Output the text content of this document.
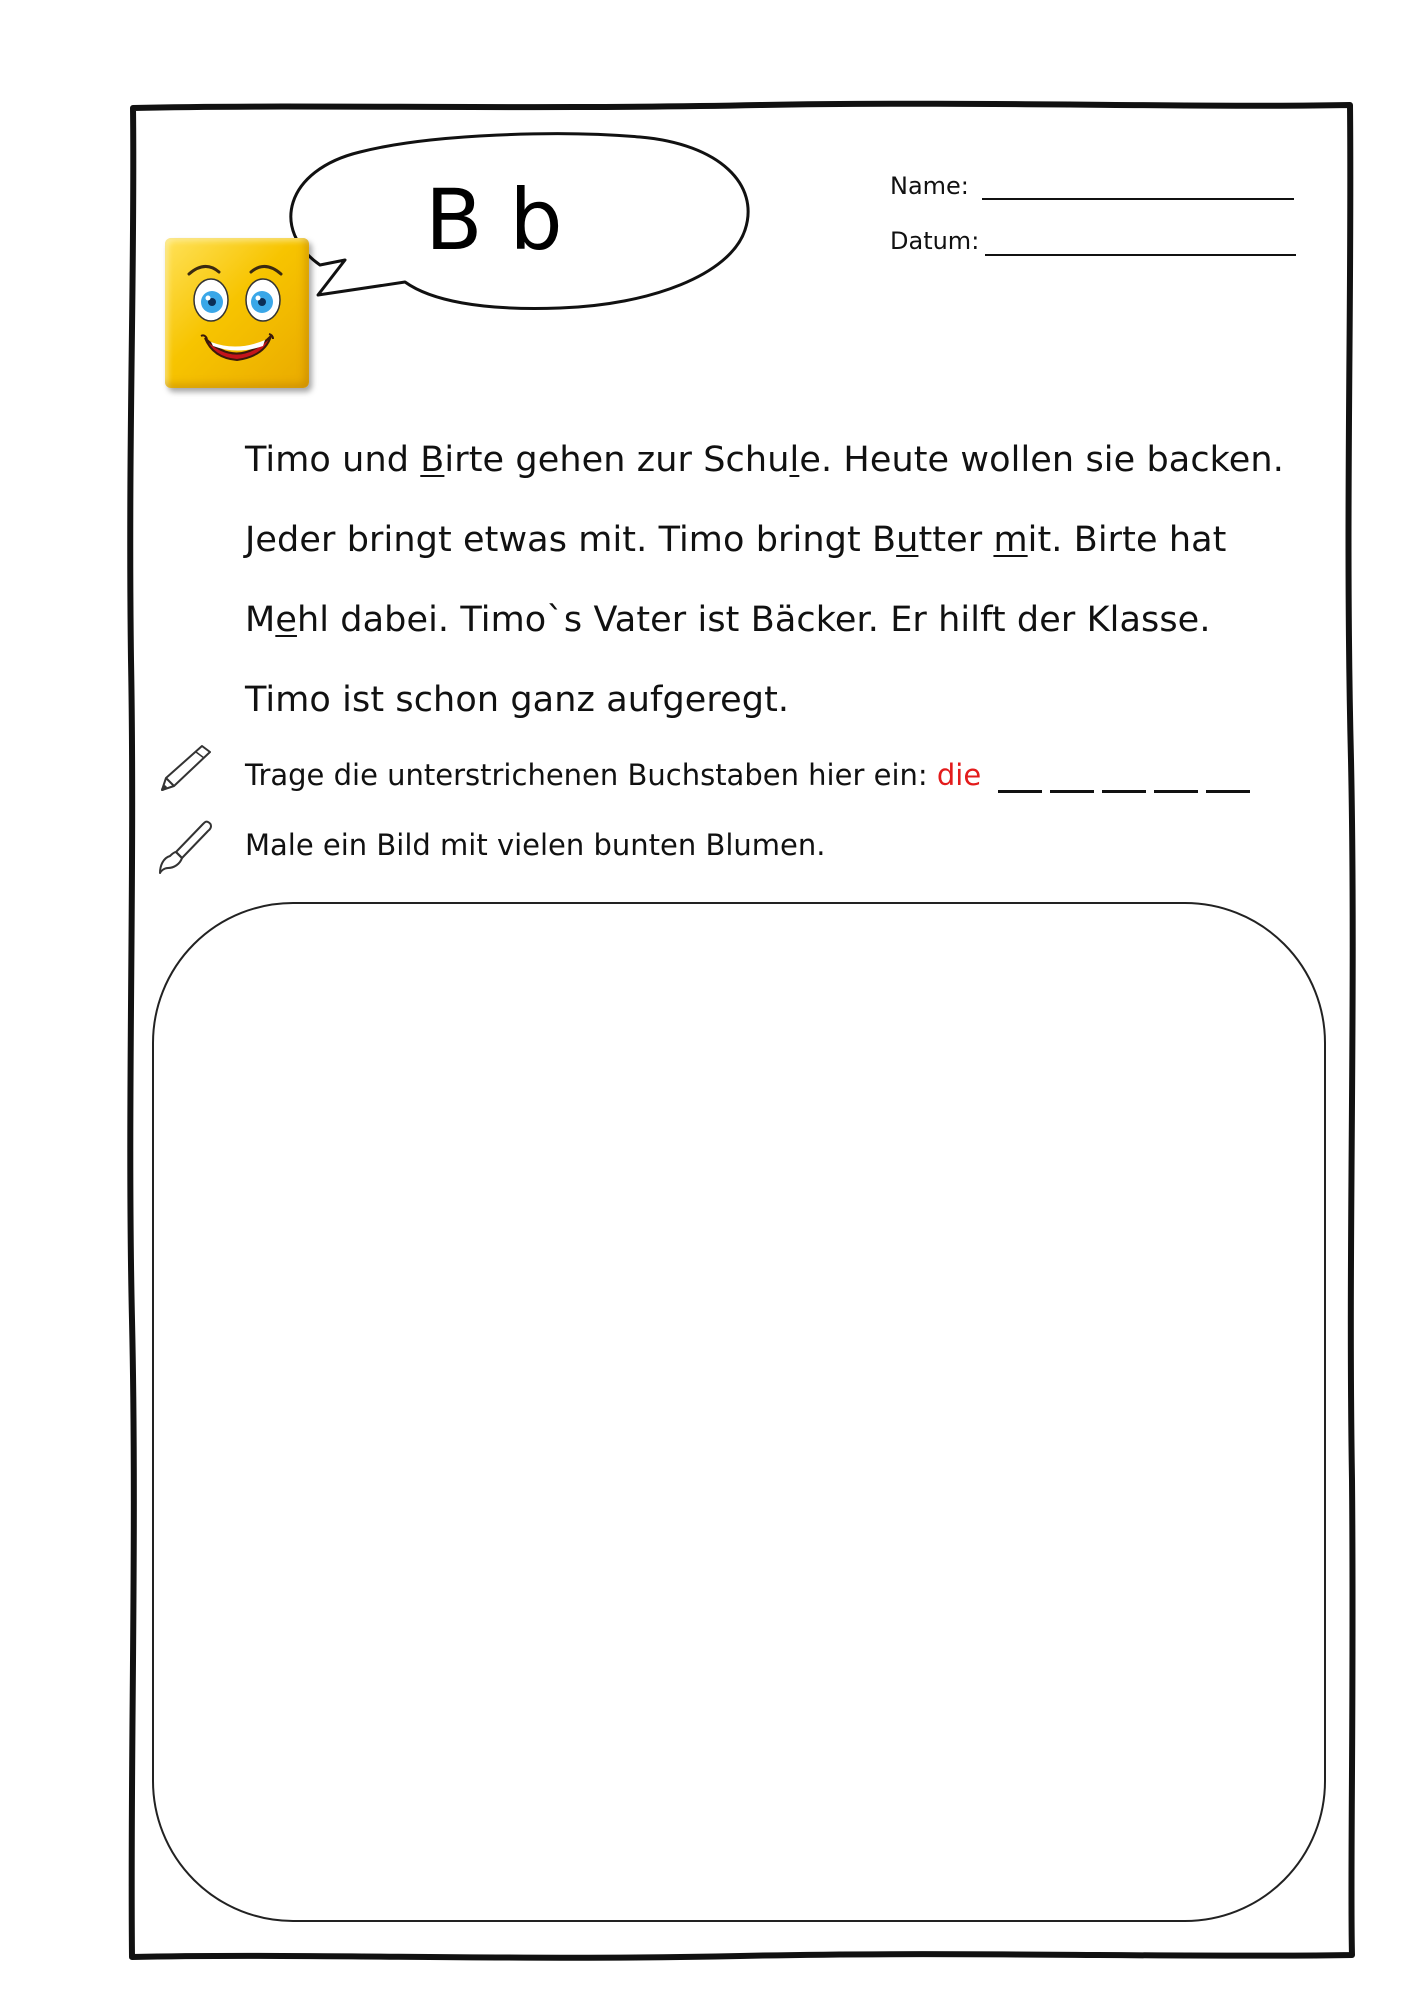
B b	Name:
Datum:
Timo und Birte gehen zur Schule. Heute wollen sie backen.
Jeder bringt etwas mit. Timo bringt Butter mit. Birte hat
Mehl dabei. Timo`s Vater ist Bäcker. Er hilft der Klasse.
Timo ist schon ganz aufgeregt.
Trage die unterstrichenen Buchstaben hier ein: die
Male ein Bild mit vielen bunten Blumen.
